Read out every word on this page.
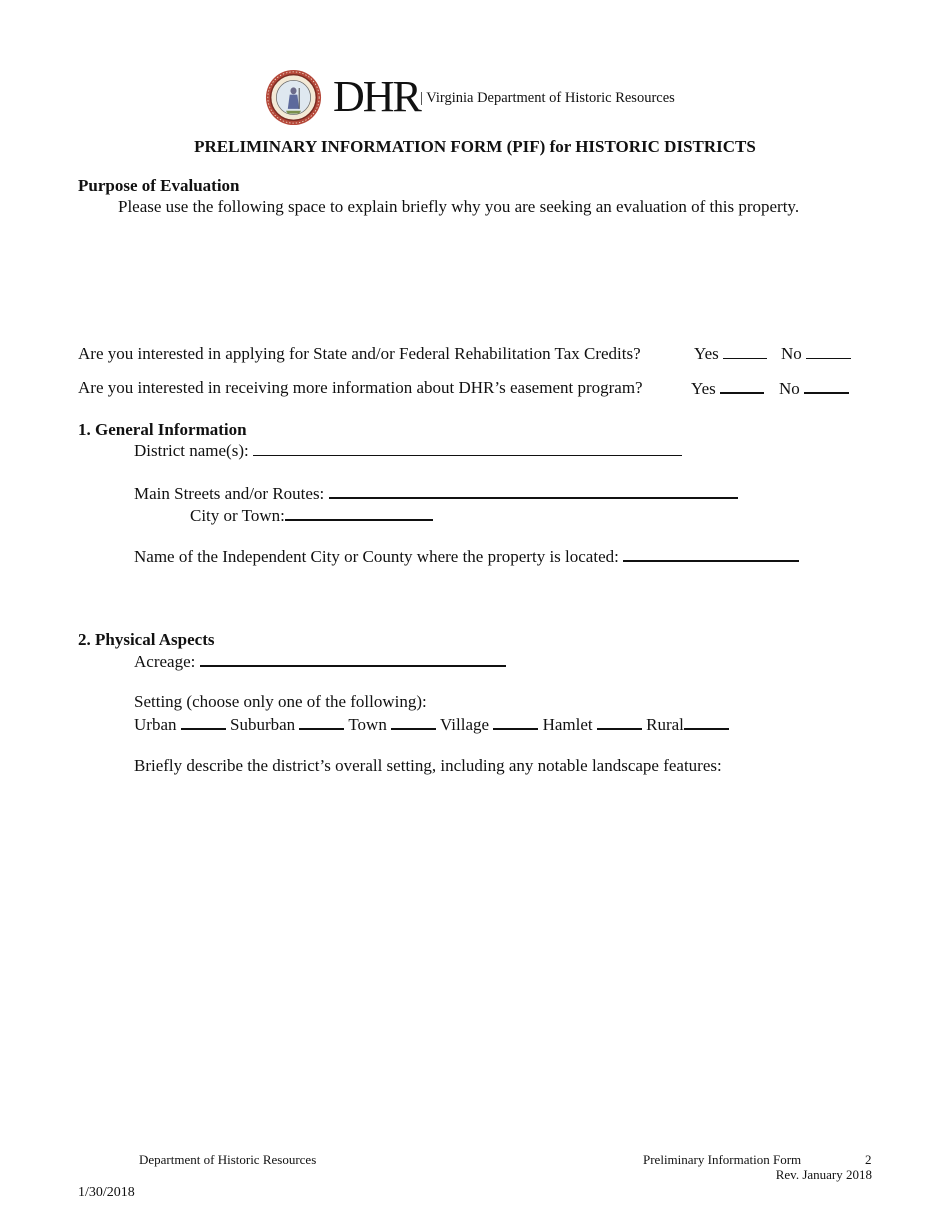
DHR | Virginia Department of Historic Resources
PRELIMINARY INFORMATION FORM (PIF) for HISTORIC DISTRICTS
Purpose of Evaluation
Please use the following space to explain briefly why you are seeking an evaluation of this property.
Are you interested in applying for State and/or Federal Rehabilitation Tax Credits?	Yes	No
Are you interested in receiving more information about DHR’s easement program?	Yes	No
1. General Information
District name(s):
Main Streets and/or Routes:
City or Town:
Name of the Independent City or County where the property is located:
2. Physical Aspects
Acreage:
Setting (choose only one of the following):
Urban	Suburban	Town	Village	Hamlet	Rural
Briefly describe the district’s overall setting, including any notable landscape features:
Department of Historic Resources	Preliminary Information Form	2
Rev. January 2018
1/30/2018
